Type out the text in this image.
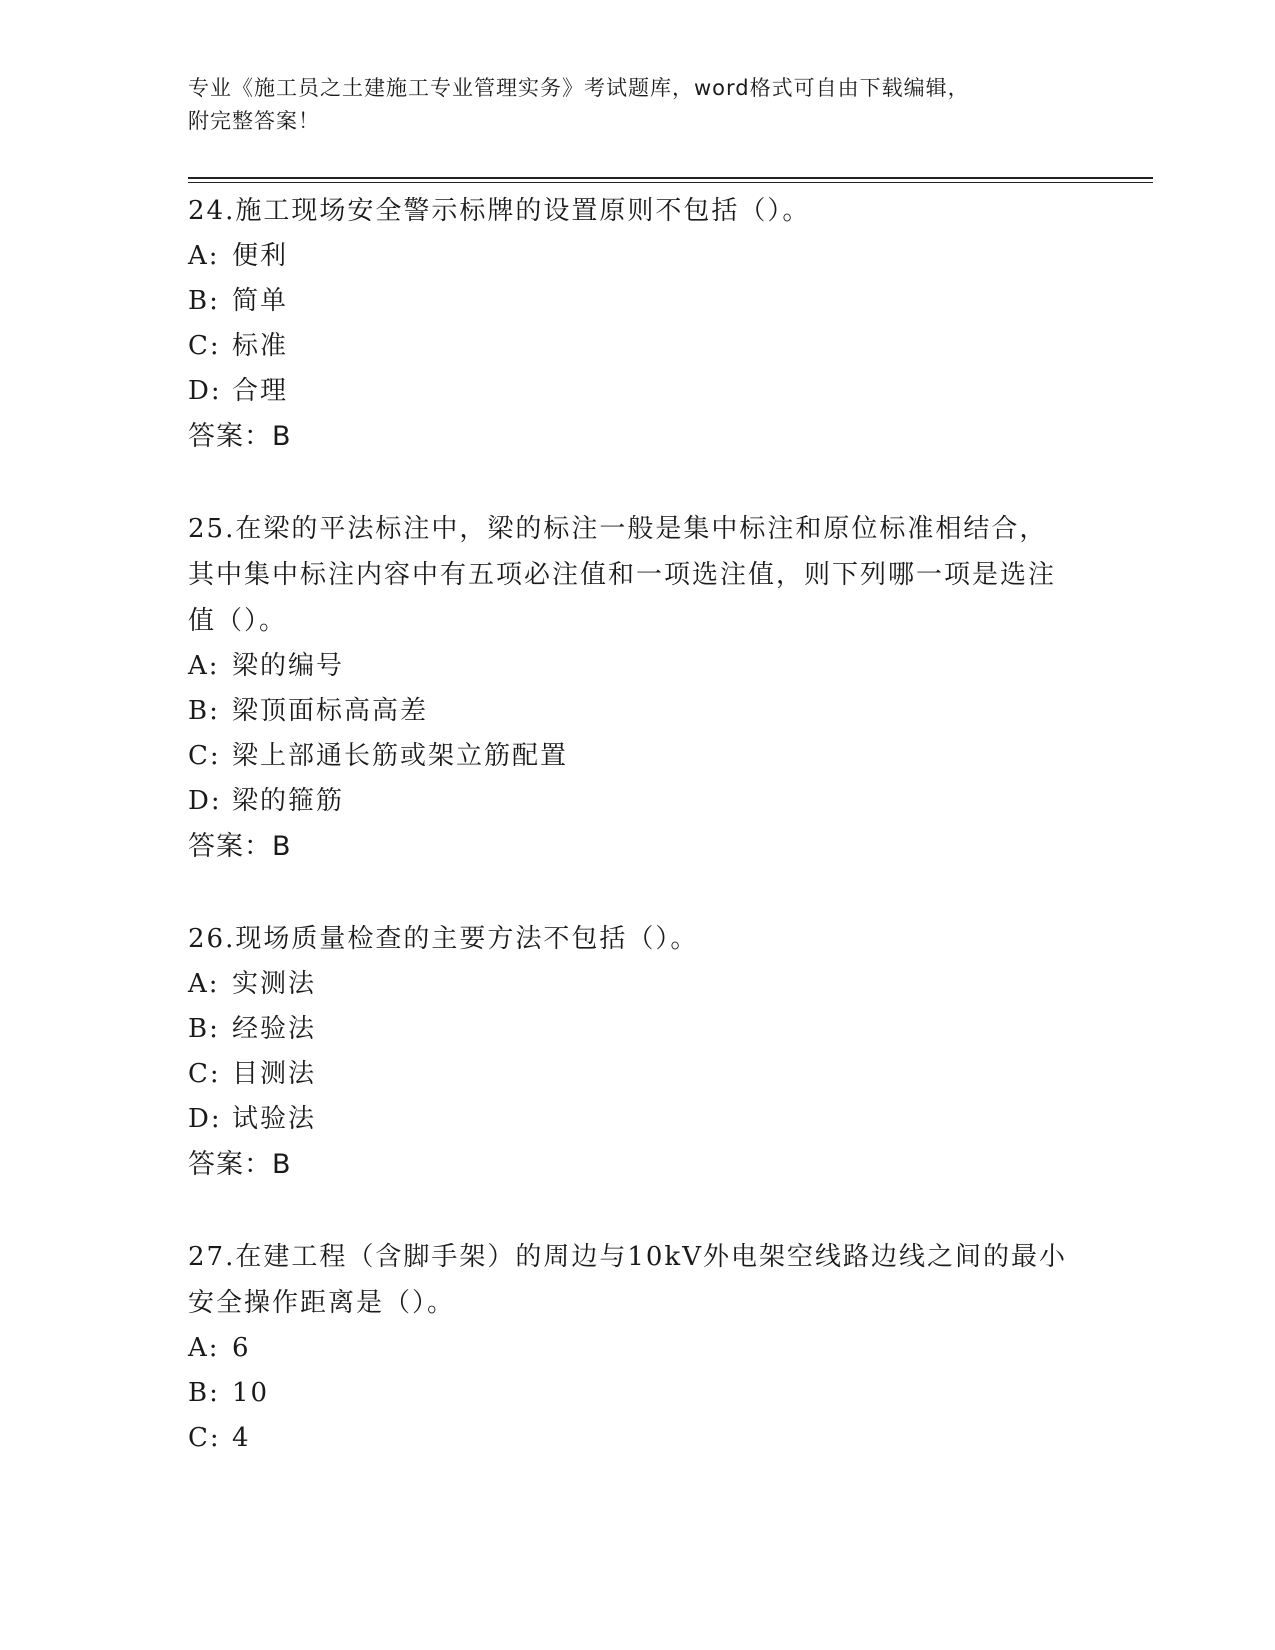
专业《施工员之土建施工专业管理实务》考试题库，word格式可自由下载编辑，
附完整答案！

24.施工现场安全警示标牌的设置原则不包括（）。

A: 便利

B: 简单

C: 标准

D: 合理

答案：B

25.在梁的平法标注中，梁的标注一般是集中标注和原位标准相结合，其中集中标注内容中有五项必注值和一项选注值，则下列哪一项是选注值（）。

A: 梁的编号

B: 梁顶面标高高差

C: 梁上部通长筋或架立筋配置

D: 梁的箍筋

答案：B

26.现场质量检查的主要方法不包括（）。

A: 实测法

B: 经验法

C: 目测法

D: 试验法

答案：B

27.在建工程（含脚手架）的周边与10kV外电架空线路边线之间的最小安全操作距离是（）。

A: 6

B: 10

C: 4
